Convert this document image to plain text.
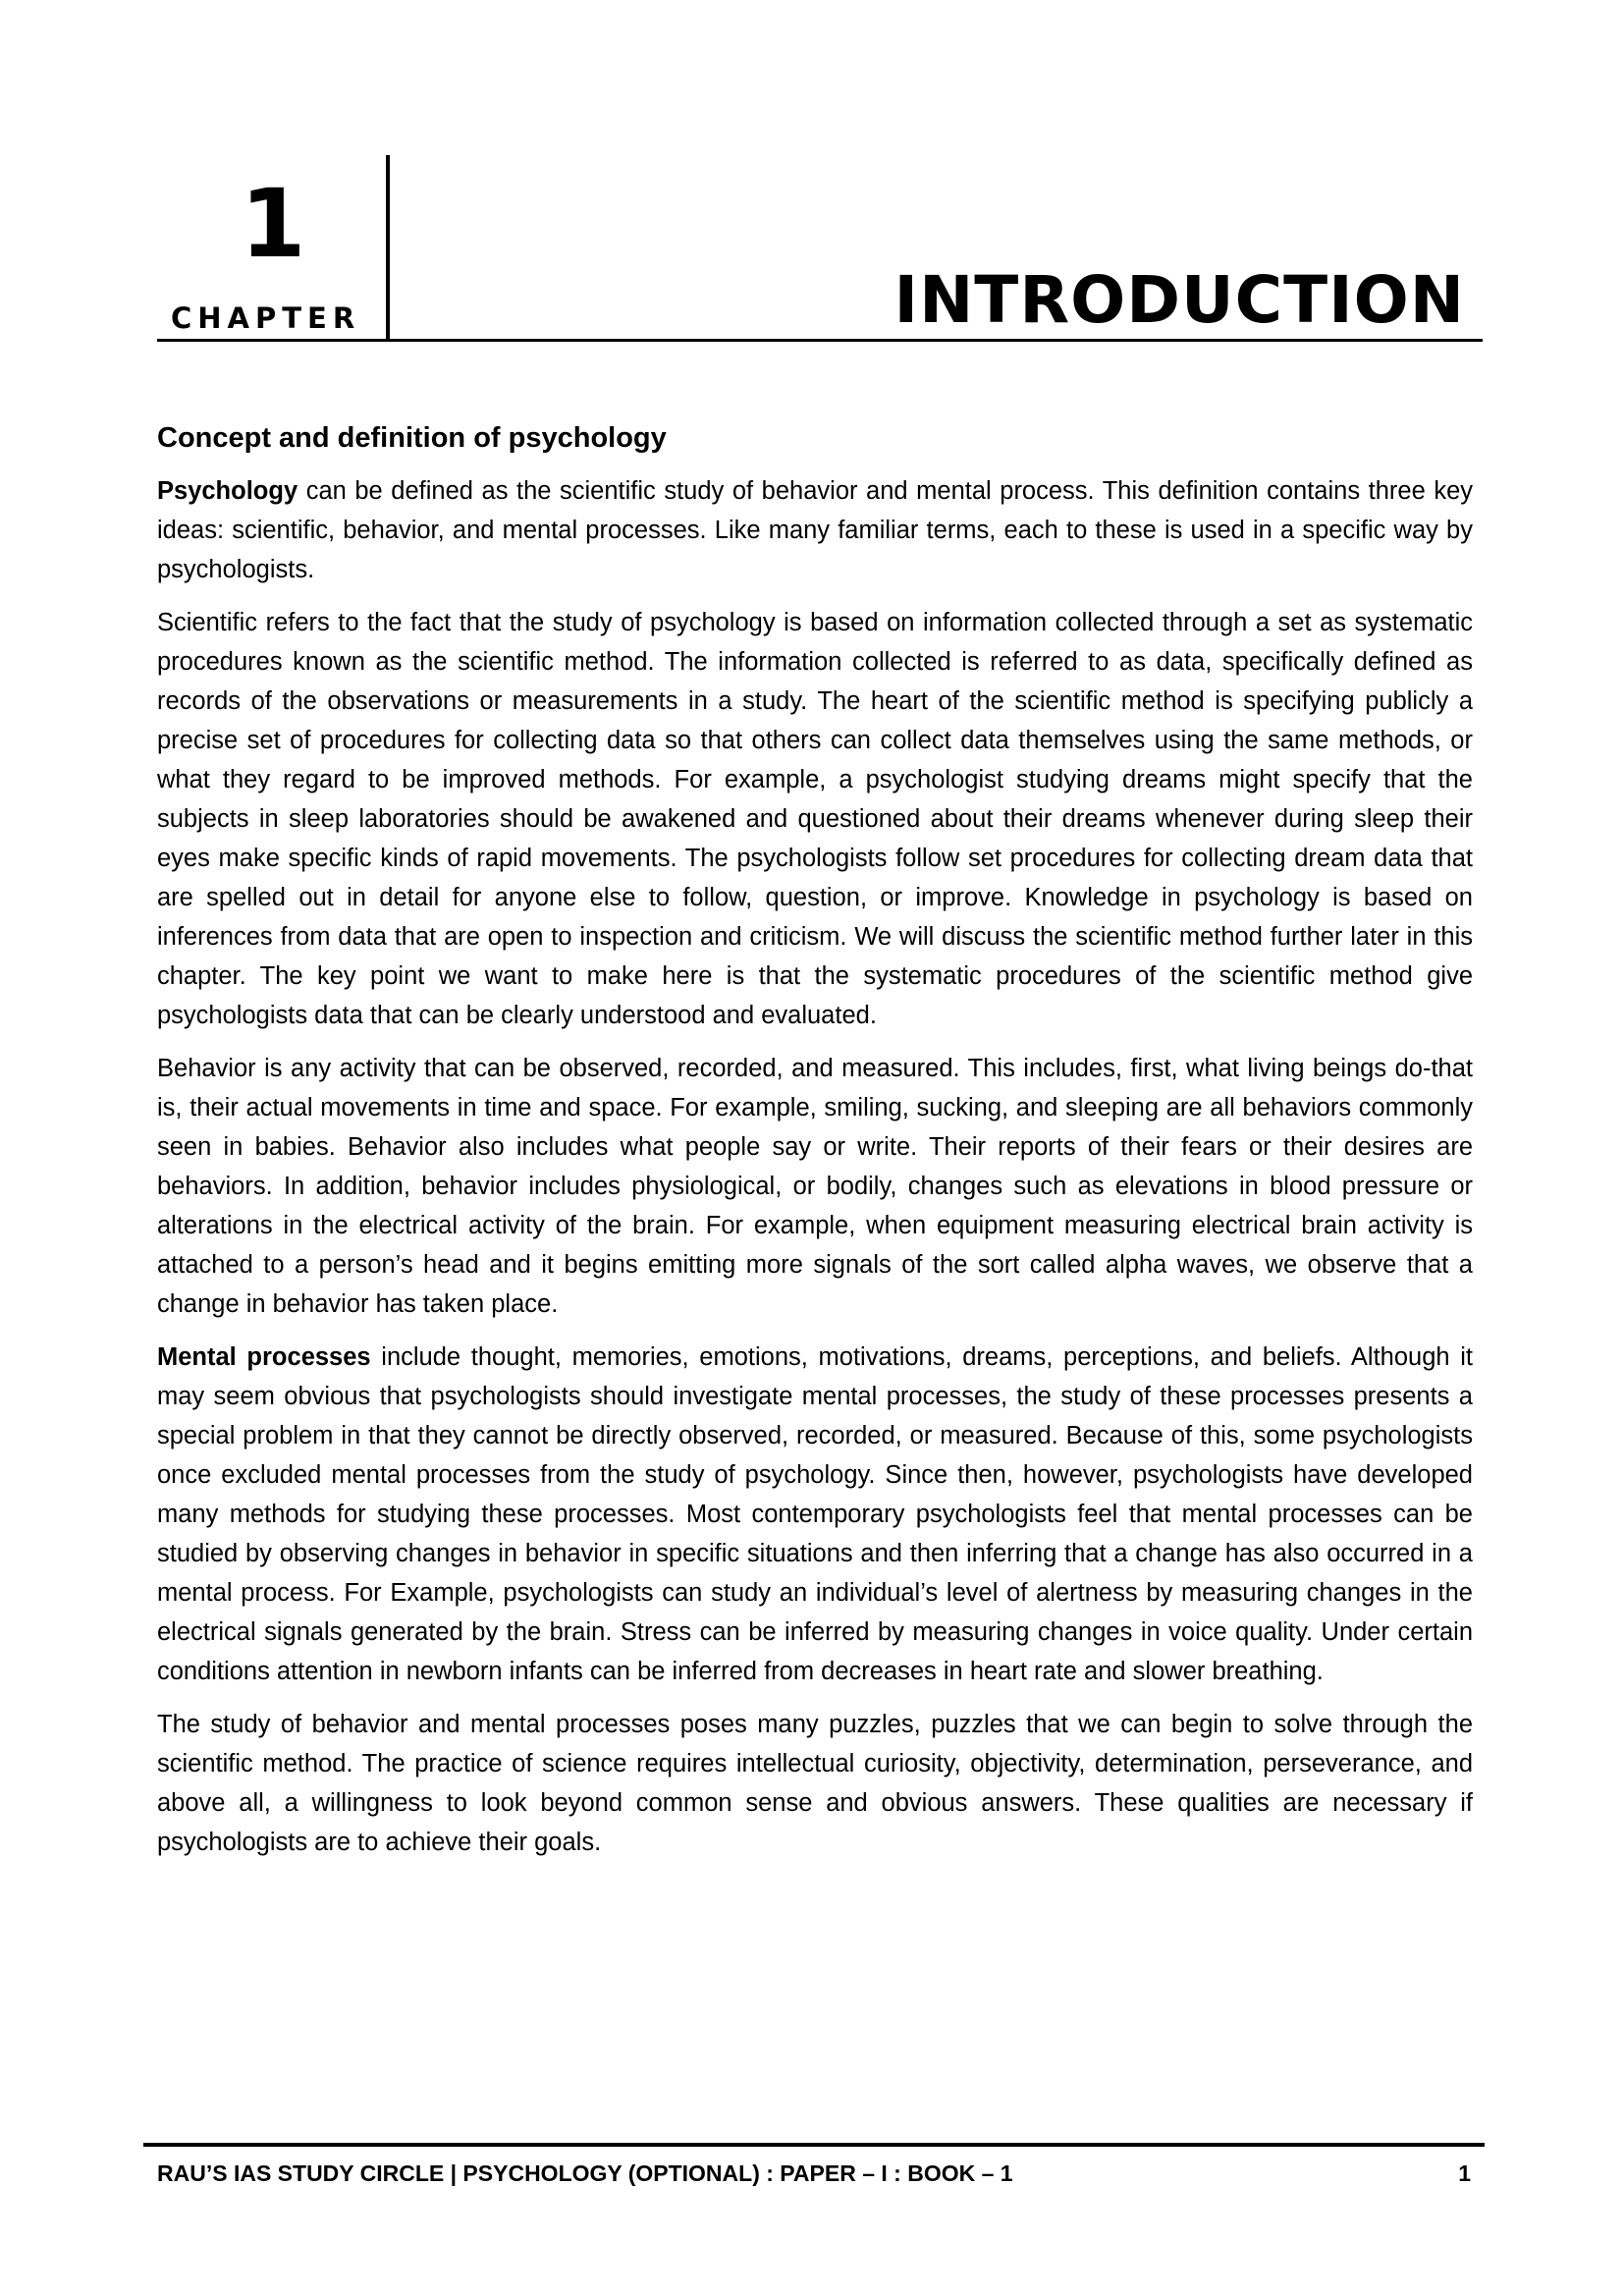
1
CHAPTER	INTRODUCTION
Concept and definition of psychology

Psychology can be defined as the scientific study of behavior and mental process. This definition contains three key ideas: scientific, behavior, and mental processes. Like many familiar terms, each to these is used in a specific way by psychologists.

Scientific refers to the fact that the study of psychology is based on information collected through a set as systematic procedures known as the scientific method. The information collected is referred to as data, specifically defined as records of the observations or measurements in a study. The heart of the scientific method is specifying publicly a precise set of procedures for collecting data so that others can collect data themselves using the same methods, or what they regard to be improved methods. For example, a psychologist studying dreams might specify that the subjects in sleep laboratories should be awakened and questioned about their dreams whenever during sleep their eyes make specific kinds of rapid movements. The psychologists follow set procedures for collecting dream data that are spelled out in detail for anyone else to follow, question, or improve. Knowledge in psychology is based on inferences from data that are open to inspection and criticism. We will discuss the scientific method further later in this chapter. The key point we want to make here is that the systematic procedures of the scientific method give psychologists data that can be clearly understood and evaluated.

Behavior is any activity that can be observed, recorded, and measured. This includes, first, what living beings do-that is, their actual movements in time and space. For example, smiling, sucking, and sleeping are all behaviors commonly seen in babies. Behavior also includes what people say or write. Their reports of their fears or their desires are behaviors. In addition, behavior includes physiological, or bodily, changes such as elevations in blood pressure or alterations in the electrical activity of the brain. For example, when equipment measuring electrical brain activity is attached to a person’s head and it begins emitting more signals of the sort called alpha waves, we observe that a change in behavior has taken place.

Mental processes include thought, memories, emotions, motivations, dreams, perceptions, and beliefs. Although it may seem obvious that psychologists should investigate mental processes, the study of these processes presents a special problem in that they cannot be directly observed, recorded, or measured. Because of this, some psychologists once excluded mental processes from the study of psychology. Since then, however, psychologists have developed many methods for studying these processes. Most contemporary psychologists feel that mental processes can be studied by observing changes in behavior in specific situations and then inferring that a change has also occurred in a mental process. For Example, psychologists can study an individual’s level of alertness by measuring changes in the electrical signals generated by the brain. Stress can be inferred by measuring changes in voice quality. Under certain conditions attention in newborn infants can be inferred from decreases in heart rate and slower breathing.

The study of behavior and mental processes poses many puzzles, puzzles that we can begin to solve through the scientific method. The practice of science requires intellectual curiosity, objectivity, determination, perseverance, and above all, a willingness to look beyond common sense and obvious answers. These qualities are necessary if psychologists are to achieve their goals.

RAU’S IAS STUDY CIRCLE | PSYCHOLOGY (OPTIONAL) : PAPER – I : BOOK – 1	1
